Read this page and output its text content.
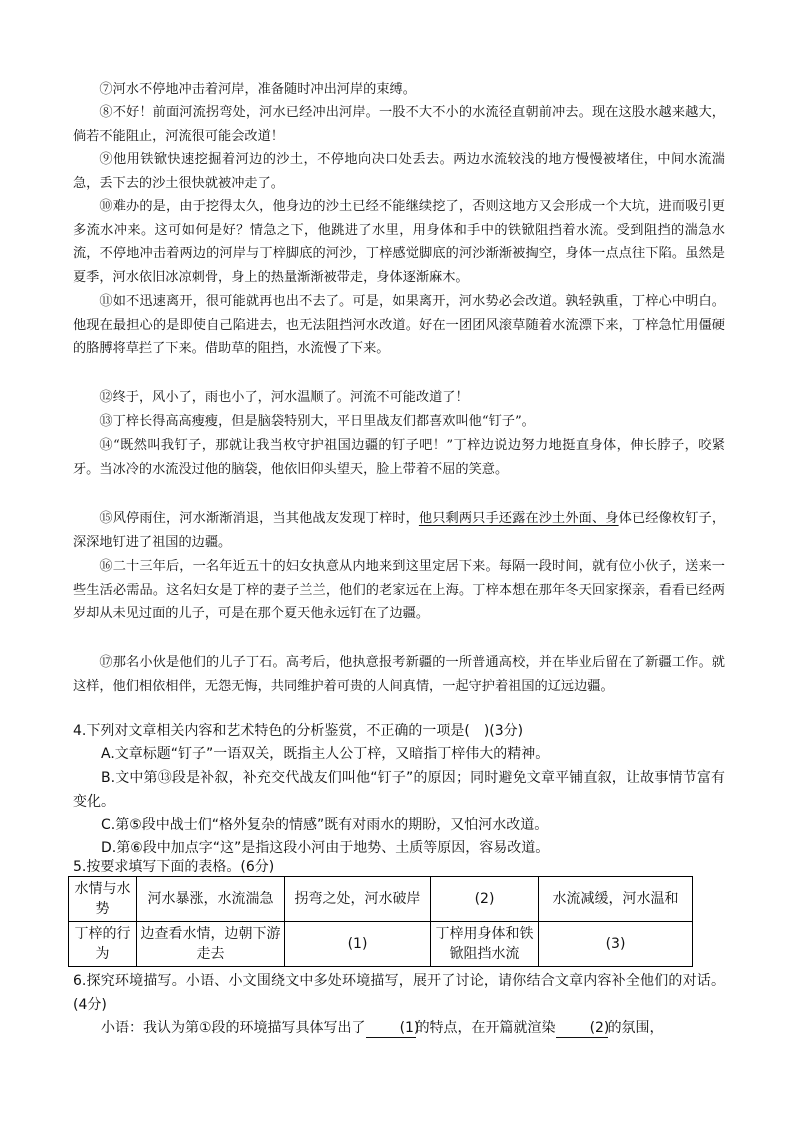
⑦河水不停地冲击着河岸，准备随时冲出河岸的束缚。

⑧不好！前面河流拐弯处，河水已经冲出河岸。一股不大不小的水流径直朝前冲去。现在这股水越来越大，倘若不能阻止，河流很可能会改道！

⑨他用铁锨快速挖掘着河边的沙土，不停地向决口处丢去。两边水流较浅的地方慢慢被堵住，中间水流湍急，丢下去的沙土很快就被冲走了。

⑩难办的是，由于挖得太久，他身边的沙土已经不能继续挖了，否则这地方又会形成一个大坑，进而吸引更多流水冲来。这可如何是好？情急之下，他跳进了水里，用身体和手中的铁锨阻挡着水流。受到阻挡的湍急水流，不停地冲击着两边的河岸与丁梓脚底的河沙，丁梓感觉脚底的河沙渐渐被掏空，身体一点点往下陷。虽然是夏季，河水依旧冰凉刺骨，身上的热量渐渐被带走，身体逐渐麻木。

⑪如不迅速离开，很可能就再也出不去了。可是，如果离开，河水势必会改道。孰轻孰重，丁梓心中明白。他现在最担心的是即使自己陷进去，也无法阻挡河水改道。好在一团团风滚草随着水流漂下来，丁梓急忙用僵硬的胳膊将草拦了下来。借助草的阻挡，水流慢了下来。

⑫终于，风小了，雨也小了，河水温顺了。河流不可能改道了！

⑬丁梓长得高高瘦瘦，但是脑袋特别大，平日里战友们都喜欢叫他“钉子”。

⑭“既然叫我钉子，那就让我当枚守护祖国边疆的钉子吧！”丁梓边说边努力地挺直身体，伸长脖子，咬紧牙。当冰冷的水流没过他的脑袋，他依旧仰头望天，脸上带着不屈的笑意。

⑮风停雨住，河水渐渐消退，当其他战友发现丁梓时，他只剩两只手还露在沙土外面、身体已经像枚钉子，深深地钉进了祖国的边疆。

⑯二十三年后，一名年近五十的妇女执意从内地来到这里定居下来。每隔一段时间，就有位小伙子，送来一些生活必需品。这名妇女是丁梓的妻子兰兰，他们的老家远在上海。丁梓本想在那年冬天回家探亲，看看已经两岁却从未见过面的儿子，可是在那个夏天他永远钉在了边疆。

⑰那名小伙是他们的儿子丁石。高考后，他执意报考新疆的一所普通高校，并在毕业后留在了新疆工作。就这样，他们相依相伴，无怨无悔，共同维护着可贵的人间真情，一起守护着祖国的辽远边疆。

4.下列对文章相关内容和艺术特色的分析鉴赏，不正确的一项是(　)(3分)

A.文章标题“钉子”一语双关，既指主人公丁梓，又暗指丁梓伟大的精神。

B.文中第⑬段是补叙，补充交代战友们叫他“钉子”的原因；同时避免文章平铺直叙，让故事情节富有变化。

C.第⑤段中战士们“格外复杂的情感”既有对雨水的期盼，又怕河水改道。

D.第⑥段中加点字“这”是指这段小河由于地势、土质等原因，容易改道。

5.按要求填写下面的表格。(6分)

水情与水势	河水暴涨，水流湍急	拐弯之处，河水破岸	(2)	水流减缓，河水温和
丁梓的行为	边查看水情，边朝下游走去	(1)	丁梓用身体和铁锨阻挡水流	(3)

6.探究环境描写。小语、小文围绕文中多处环境描写，展开了讨论，请你结合文章内容补全他们的对话。(4分)

小语：我认为第①段的环境描写具体写出了 (1)的特点，在开篇就渲染 (2)的氛围，
